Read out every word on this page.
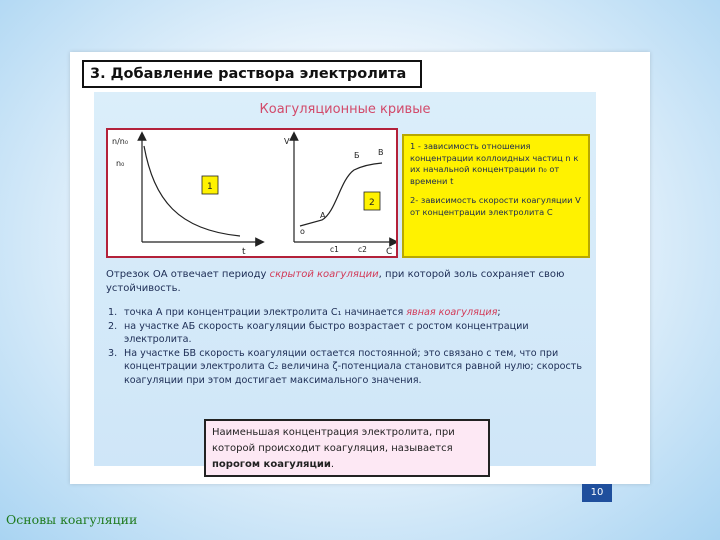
3. Добавление раствора электролита
Коагуляционные кривые
n/n₀
n₀
t
1
V
о
А
Б В
с1	с2 C
2

1 - зависимость отношения концентрации коллоидных частиц n к их начальной концентрации n₀ от времени t

2- зависимость скорости коагуляции V от концентрации электролита C

Отрезок ОА отвечает периоду скрытой коагуляции, при которой золь сохраняет свою устойчивость.
1. точка А при концентрации электролита С₁ начинается явная коагуляция;
2. на участке АБ скорость коагуляции быстро возрастает с ростом концентрации электролита.
3. На участке БВ скорость коагуляции остается постоянной; это связано с тем, что при концентрации электролита С₂ величина ζ-потенциала становится равной нулю; скорость коагуляции при этом достигает максимального значения.
10
Наименьшая концентрация электролита, при которой происходит коагуляция, называется порогом коагуляции.
Основы коагуляции
